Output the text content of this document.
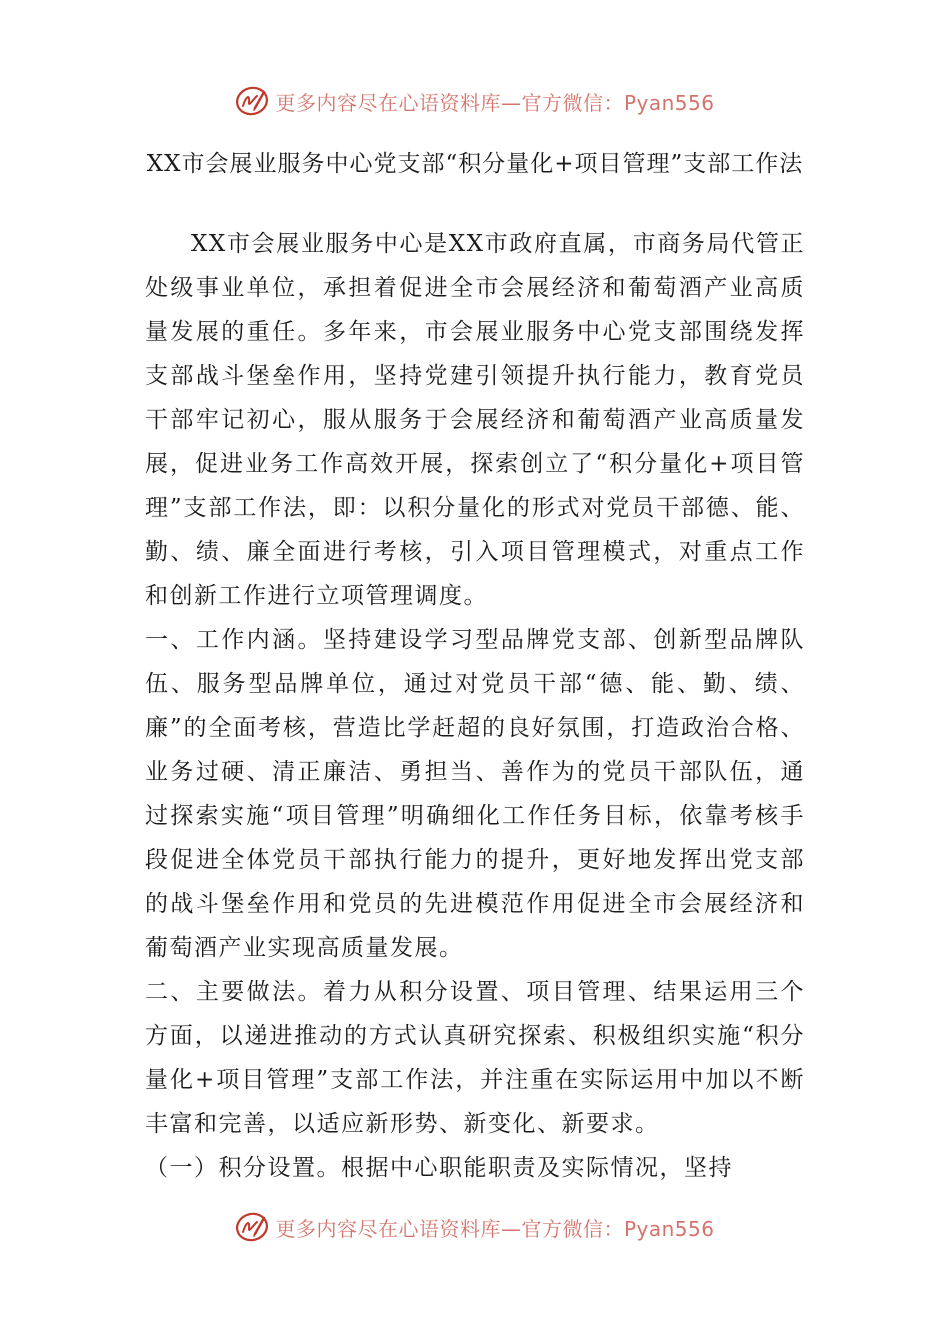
更多内容尽在心语资料库—官方微信：Pyan556
XX市会展业服务中心党支部“积分量化+项目管理”支部工作法

XX市会展业服务中心是XX市政府直属，市商务局代管正处级事业单位，承担着促进全市会展经济和葡萄酒产业高质量发展的重任。多年来，市会展业服务中心党支部围绕发挥支部战斗堡垒作用，坚持党建引领提升执行能力，教育党员干部牢记初心，服从服务于会展经济和葡萄酒产业高质量发展，促进业务工作高效开展，探索创立了“积分量化+项目管理”支部工作法，即：以积分量化的形式对党员干部德、能、勤、绩、廉全面进行考核，引入项目管理模式，对重点工作和创新工作进行立项管理调度。

一、工作内涵。坚持建设学习型品牌党支部、创新型品牌队伍、服务型品牌单位，通过对党员干部“德、能、勤、绩、廉”的全面考核，营造比学赶超的良好氛围，打造政治合格、业务过硬、清正廉洁、勇担当、善作为的党员干部队伍，通过探索实施“项目管理”明确细化工作任务目标，依靠考核手段促进全体党员干部执行能力的提升，更好地发挥出党支部的战斗堡垒作用和党员的先进模范作用促进全市会展经济和葡萄酒产业实现高质量发展。

二、主要做法。着力从积分设置、项目管理、结果运用三个方面，以递进推动的方式认真研究探索、积极组织实施“积分量化+项目管理”支部工作法，并注重在实际运用中加以不断丰富和完善，以适应新形势、新变化、新要求。

（一）积分设置。根据中心职能职责及实际情况，坚持

更多内容尽在心语资料库—官方微信：Pyan556
